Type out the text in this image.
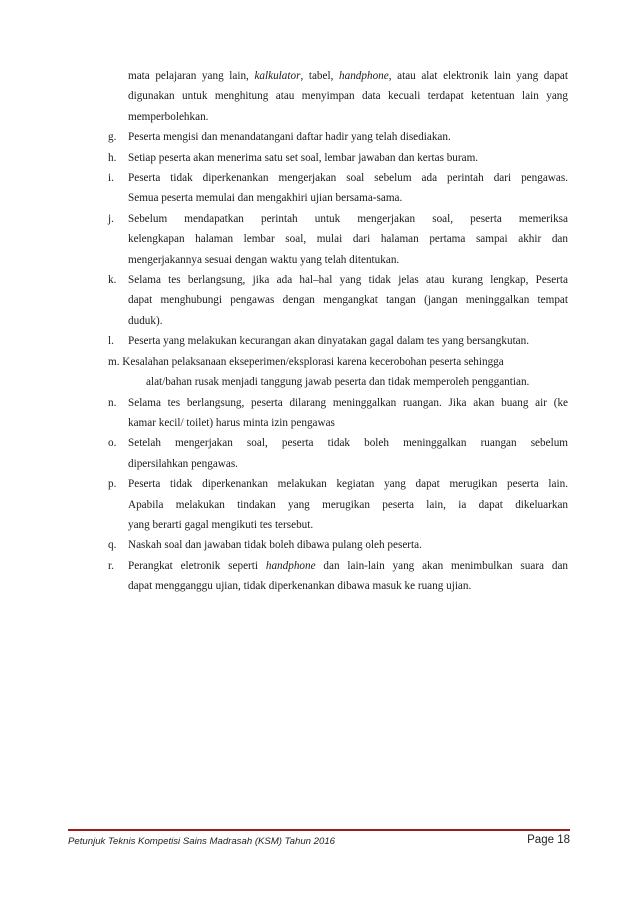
mata pelajaran yang lain, kalkulator, tabel, handphone, atau alat elektronik lain yang dapat
digunakan untuk menghitung atau menyimpan data kecuali terdapat ketentuan lain yang
memperbolehkan.
g. Peserta mengisi dan menandatangani daftar hadir yang telah disediakan.
h. Setiap peserta akan menerima satu set soal, lembar jawaban dan kertas buram.
i. Peserta tidak diperkenankan mengerjakan soal sebelum ada perintah dari pengawas.
Semua peserta memulai dan mengakhiri ujian bersama-sama.
j. Sebelum mendapatkan perintah untuk mengerjakan soal, peserta memeriksa
kelengkapan halaman lembar soal, mulai dari halaman pertama sampai akhir dan
mengerjakannya sesuai dengan waktu yang telah ditentukan.
k. Selama tes berlangsung, jika ada hal–hal yang tidak jelas atau kurang lengkap, Peserta
dapat menghubungi pengawas dengan mengangkat tangan (jangan meninggalkan tempat
duduk).
l. Peserta yang melakukan kecurangan akan dinyatakan gagal dalam tes yang bersangkutan.
m. Kesalahan pelaksanaan ekseperimen/eksplorasi karena kecerobohan peserta sehingga
alat/bahan rusak menjadi tanggung jawab peserta dan tidak memperoleh penggantian.
n. Selama tes berlangsung, peserta dilarang meninggalkan ruangan. Jika akan buang air (ke
kamar kecil/ toilet) harus minta izin pengawas
o. Setelah mengerjakan soal, peserta tidak boleh meninggalkan ruangan sebelum
dipersilahkan pengawas.
p. Peserta tidak diperkenankan melakukan kegiatan yang dapat merugikan peserta lain.
Apabila melakukan tindakan yang merugikan peserta lain, ia dapat dikeluarkan
yang berarti gagal mengikuti tes tersebut.
q. Naskah soal dan jawaban tidak boleh dibawa pulang oleh peserta.
r. Perangkat eletronik seperti handphone dan lain-lain yang akan menimbulkan suara dan
dapat mengganggu ujian, tidak diperkenankan dibawa masuk ke ruang ujian.
Petunjuk Teknis Kompetisi Sains Madrasah (KSM) Tahun 2016	Page 18
